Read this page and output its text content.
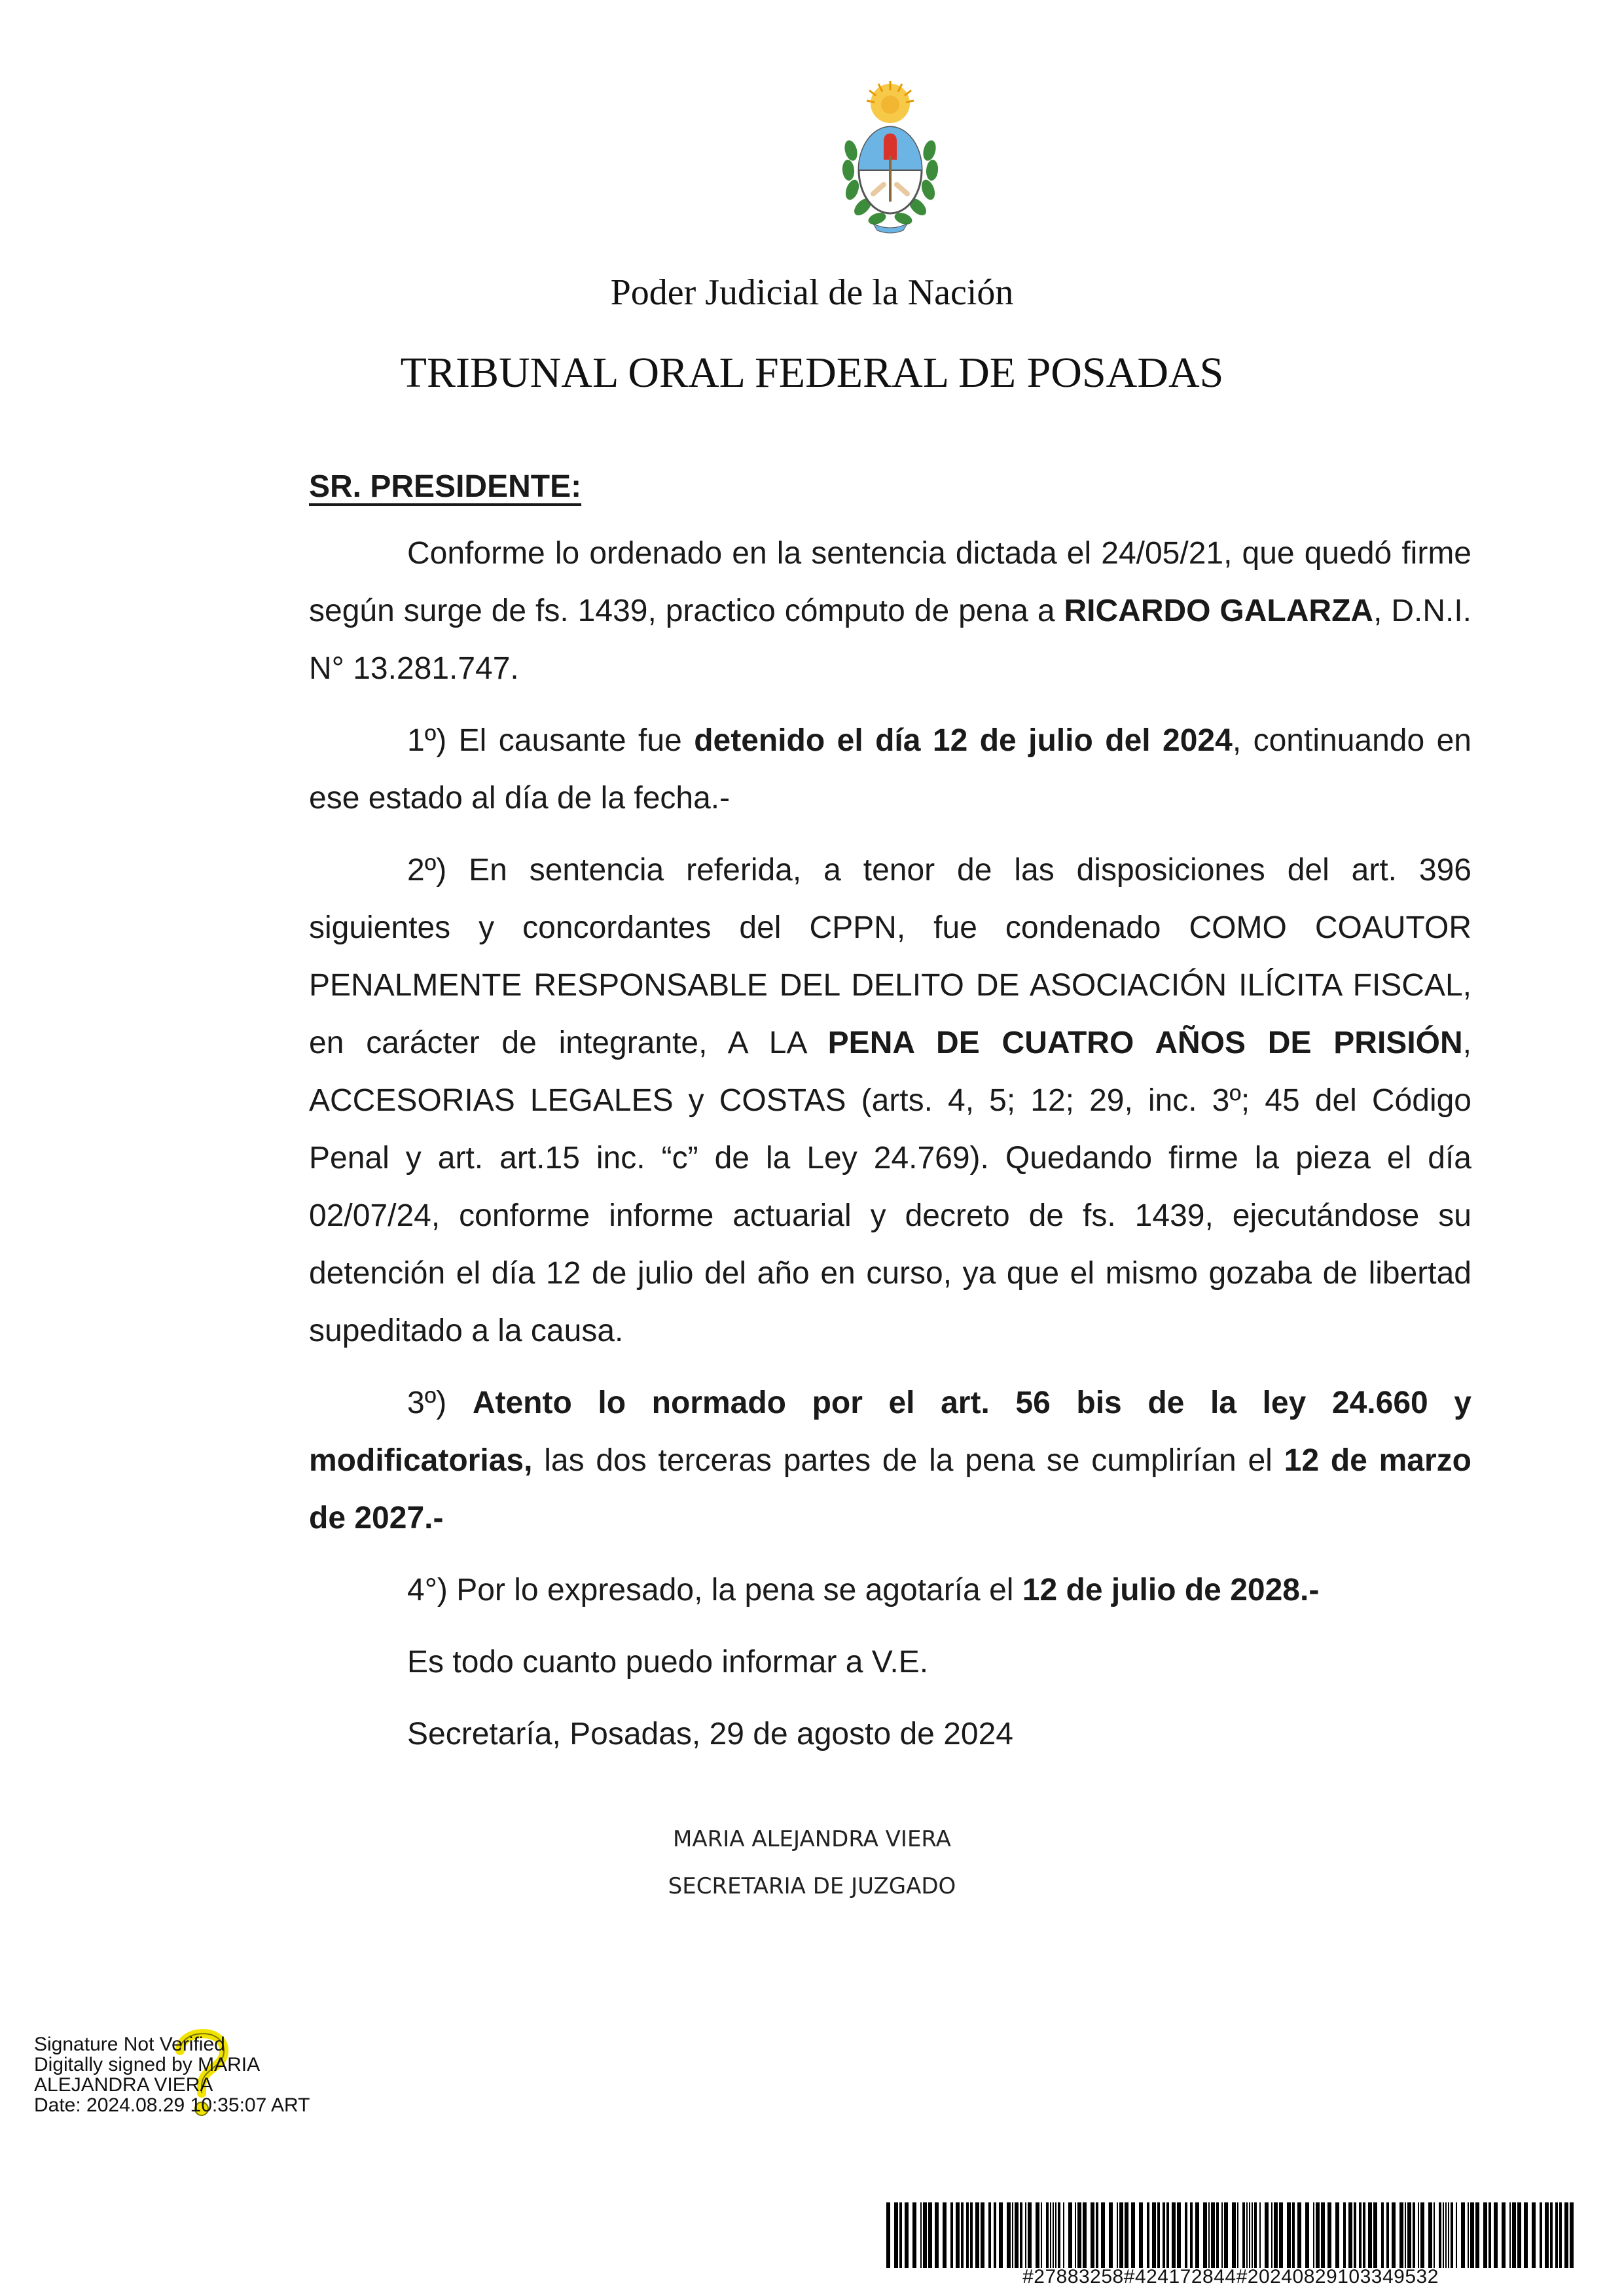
Poder Judicial de la Nación
TRIBUNAL ORAL FEDERAL DE POSADAS

SR. PRESIDENTE:

Conforme lo ordenado en la sentencia dictada el 24/05/21, que quedó firme según surge de fs. 1439, practico cómputo de pena a RICARDO GALARZA, D.N.I. N° 13.281.747.

1º) El causante fue detenido el día 12 de julio del 2024, continuando en ese estado al día de la fecha.-

2º) En sentencia referida, a tenor de las disposiciones del art. 396 siguientes y concordantes del CPPN, fue condenado COMO COAUTOR PENALMENTE RESPONSABLE DEL DELITO DE ASOCIACIÓN ILÍCITA FISCAL, en carácter de integrante, A LA PENA DE CUATRO AÑOS DE PRISIÓN, ACCESORIAS LEGALES y COSTAS (arts. 4, 5; 12; 29, inc. 3º; 45 del Código Penal y art. art.15 inc. “c” de la Ley 24.769). Quedando firme la pieza el día 02/07/24, conforme informe actuarial y decreto de fs. 1439, ejecutándose su detención el día 12 de julio del año en curso, ya que el mismo gozaba de libertad supeditado a la causa.

3º) Atento lo normado por el art. 56 bis de la ley 24.660 y modificatorias, las dos terceras partes de la pena se cumplirían el 12 de marzo de 2027.-

4°) Por lo expresado, la pena se agotaría el 12 de julio de 2028.-

Es todo cuanto puedo informar a V.E.

Secretaría, Posadas, 29 de agosto de 2024

MARIA ALEJANDRA VIERA
SECRETARIA DE JUZGADO
Signature Not Verified
Digitally signed by MARIA
ALEJANDRA VIERA
Date: 2024.08.29 10:35:07 ART
#27883258#424172844#20240829103349532
